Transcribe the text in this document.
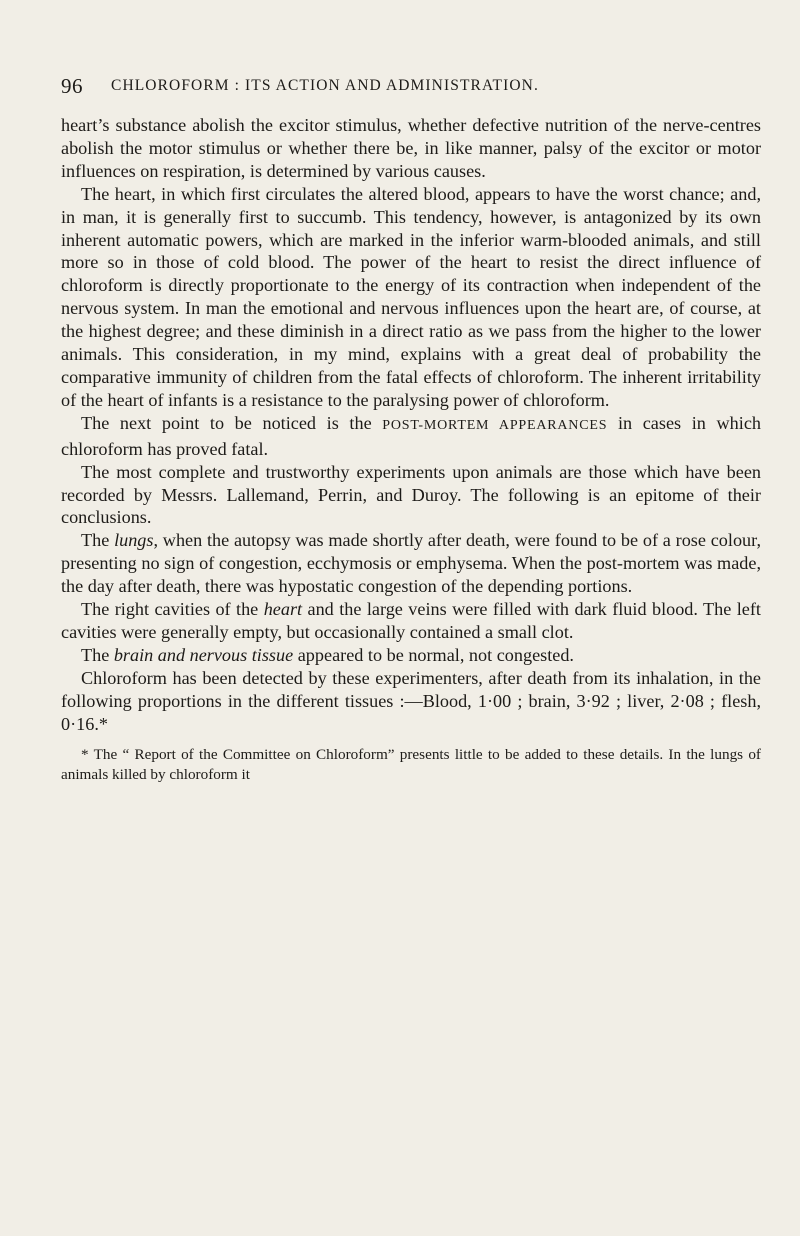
96 CHLOROFORM : ITS ACTION AND ADMINISTRATION.

heart’s substance abolish the excitor stimulus, whether defective nutrition of the nerve-centres abolish the motor stimulus or whether there be, in like manner, palsy of the excitor or motor influences on respiration, is determined by various causes.

The heart, in which first circulates the altered blood, appears to have the worst chance; and, in man, it is generally first to succumb. This tendency, however, is antagonized by its own inherent automatic powers, which are marked in the inferior warm-blooded animals, and still more so in those of cold blood. The power of the heart to resist the direct influence of chloroform is directly proportionate to the energy of its contraction when independent of the nervous system. In man the emotional and nervous influences upon the heart are, of course, at the highest degree; and these diminish in a direct ratio as we pass from the higher to the lower animals. This consideration, in my mind, explains with a great deal of probability the comparative immunity of children from the fatal effects of chloroform. The inherent irritability of the heart of infants is a resistance to the paralysing power of chloroform.

The next point to be noticed is the POST-MORTEM APPEARANCES in cases in which chloroform has proved fatal.

The most complete and trustworthy experiments upon animals are those which have been recorded by Messrs. Lallemand, Perrin, and Duroy. The following is an epitome of their conclusions.

The lungs, when the autopsy was made shortly after death, were found to be of a rose colour, presenting no sign of congestion, ecchymosis or emphysema. When the post-mortem was made, the day after death, there was hypostatic congestion of the depending portions.

The right cavities of the heart and the large veins were filled with dark fluid blood. The left cavities were generally empty, but occasionally contained a small clot.

The brain and nervous tissue appeared to be normal, not congested.

Chloroform has been detected by these experimenters, after death from its inhalation, in the following proportions in the different tissues :—Blood, 1·00 ; brain, 3·92 ; liver, 2·08 ; flesh, 0·16.*

* The “ Report of the Committee on Chloroform” presents little to be added to these details. In the lungs of animals killed by chloroform it
